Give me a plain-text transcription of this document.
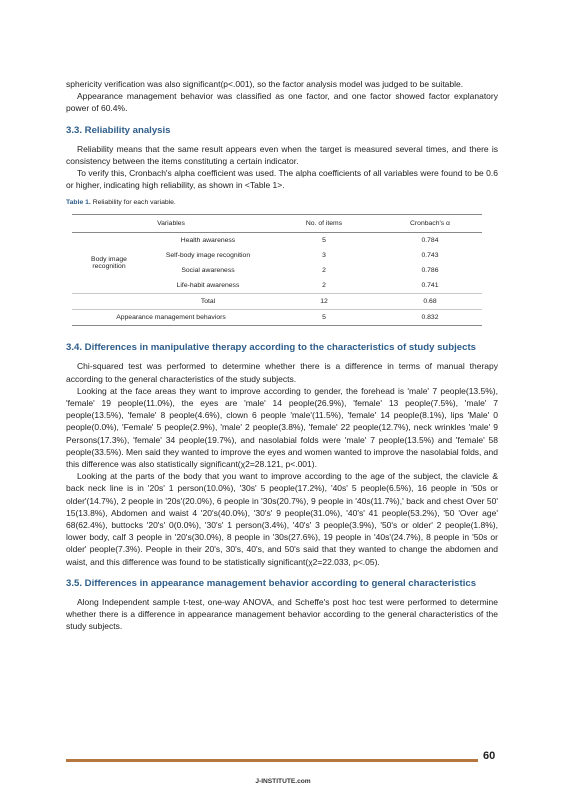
sphericity verification was also significant(p<.001), so the factor analysis model was judged to be suitable.

Appearance management behavior was classified as one factor, and one factor showed factor explanatory power of 60.4%.

3.3. Reliability analysis

Reliability means that the same result appears even when the target is measured several times, and there is consistency between the items constituting a certain indicator.

To verify this, Cronbach's alpha coefficient was used. The alpha coefficients of all variables were found to be 0.6 or higher, indicating high reliability, as shown in <Table 1>.

Table 1. Reliability for each variable.
Variables		No. of items	Cronbach's α
Body image recognition	Health awareness	5	0.784
	Self-body image recognition	3	0.743
	Social awareness	2	0.786
	Life-habit awareness	2	0.741
	Total	12	0.68
Appearance management behaviors		5	0.832
3.4. Differences in manipulative therapy according to the characteristics of study subjects

Chi-squared test was performed to determine whether there is a difference in terms of manual therapy according to the general characteristics of the study subjects.

Looking at the face areas they want to improve according to gender, the forehead is 'male' 7 people(13.5%), 'female' 19 people(11.0%), the eyes are 'male' 14 people(26.9%), 'female' 13 people(7.5%), 'male' 7 people(13.5%), 'female' 8 people(4.6%), clown 6 people 'male'(11.5%), 'female' 14 people(8.1%), lips 'Male' 0 people(0.0%), 'Female' 5 people(2.9%), 'male' 2 people(3.8%), 'female' 22 people(12.7%), neck wrinkles 'male' 9 Persons(17.3%), 'female' 34 people(19.7%), and nasolabial folds were 'male' 7 people(13.5%) and 'female' 58 people(33.5%). Men said they wanted to improve the eyes and women wanted to improve the nasolabial folds, and this difference was also statistically significant(χ2=28.121, p<.001).

Looking at the parts of the body that you want to improve according to the age of the subject, the clavicle & back neck line is in '20s' 1 person(10.0%), '30s' 5 people(17.2%), '40s' 5 people(6.5%), 16 people in '50s or older'(14.7%), 2 people in '20s'(20.0%), 6 people in '30s(20.7%), 9 people in '40s(11.7%),' back and chest Over 50' 15(13.8%), Abdomen and waist 4 '20's(40.0%), '30's' 9 people(31.0%), '40's' 41 people(53.2%), '50 'Over age' 68(62.4%), buttocks '20's' 0(0.0%), '30's' 1 person(3.4%), '40's' 3 people(3.9%), '50's or older' 2 people(1.8%), lower body, calf 3 people in '20's(30.0%), 8 people in '30s(27.6%), 19 people in '40s'(24.7%), 8 people in '50s or older' people(7.3%). People in their 20's, 30's, 40's, and 50's said that they wanted to change the abdomen and waist, and this difference was found to be statistically significant(χ2=22.033, p<.05).

3.5. Differences in appearance management behavior according to general characteristics

Along Independent sample t-test, one-way ANOVA, and Scheffe's post hoc test were performed to determine whether there is a difference in appearance management behavior according to the general characteristics of the study subjects.

60
J-INSTITUTE.com
